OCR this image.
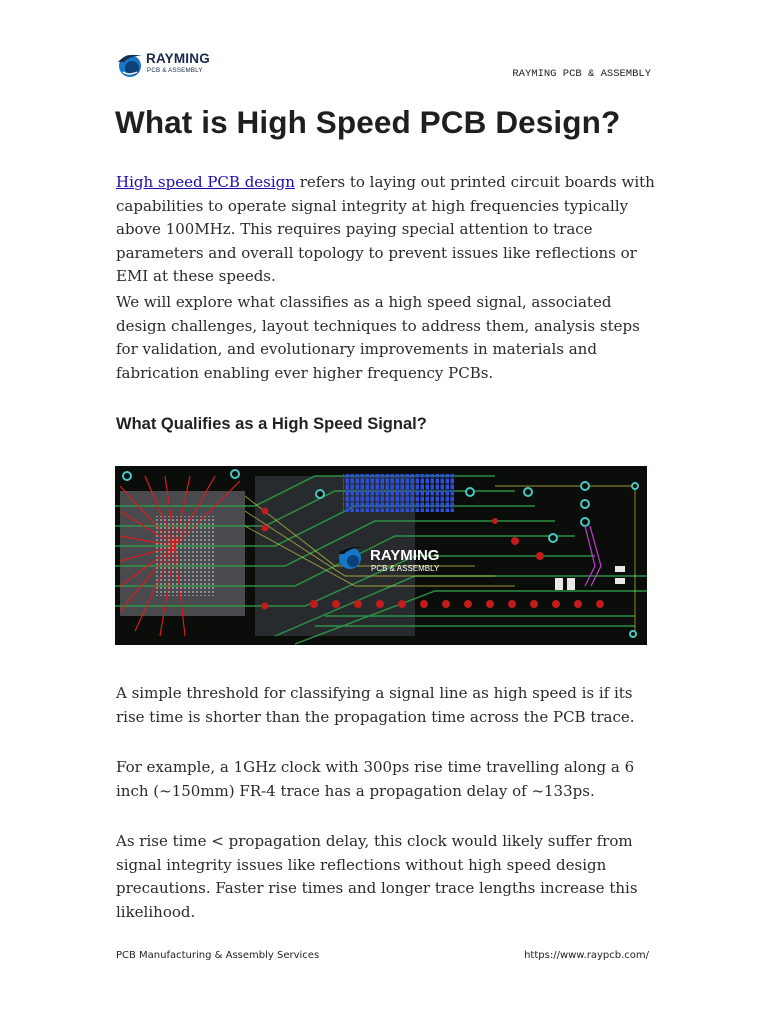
RAYMING
PCB & ASSEMBLY	RAYMING PCB & ASSEMBLY
What is High Speed PCB Design?

High speed PCB design refers to laying out printed circuit boards with capabilities to operate signal integrity at high frequencies typically above 100MHz. This requires paying special attention to trace parameters and overall topology to prevent issues like reflections or EMI at these speeds.

We will explore what classifies as a high speed signal, associated design challenges, layout techniques to address them, analysis steps for validation, and evolutionary improvements in materials and fabrication enabling ever higher frequency PCBs.

What Qualifies as a High Speed Signal?
RAYMING
PCB & ASSEMBLY

A simple threshold for classifying a signal line as high speed is if its rise time is shorter than the propagation time across the PCB trace.

For example, a 1GHz clock with 300ps rise time travelling along a 6 inch (~150mm) FR-4 trace has a propagation delay of ~133ps.

As rise time < propagation delay, this clock would likely suffer from signal integrity issues like reflections without high speed design precautions. Faster rise times and longer trace lengths increase this likelihood.

PCB Manufacturing & Assembly Services	https://www.raypcb.com/
